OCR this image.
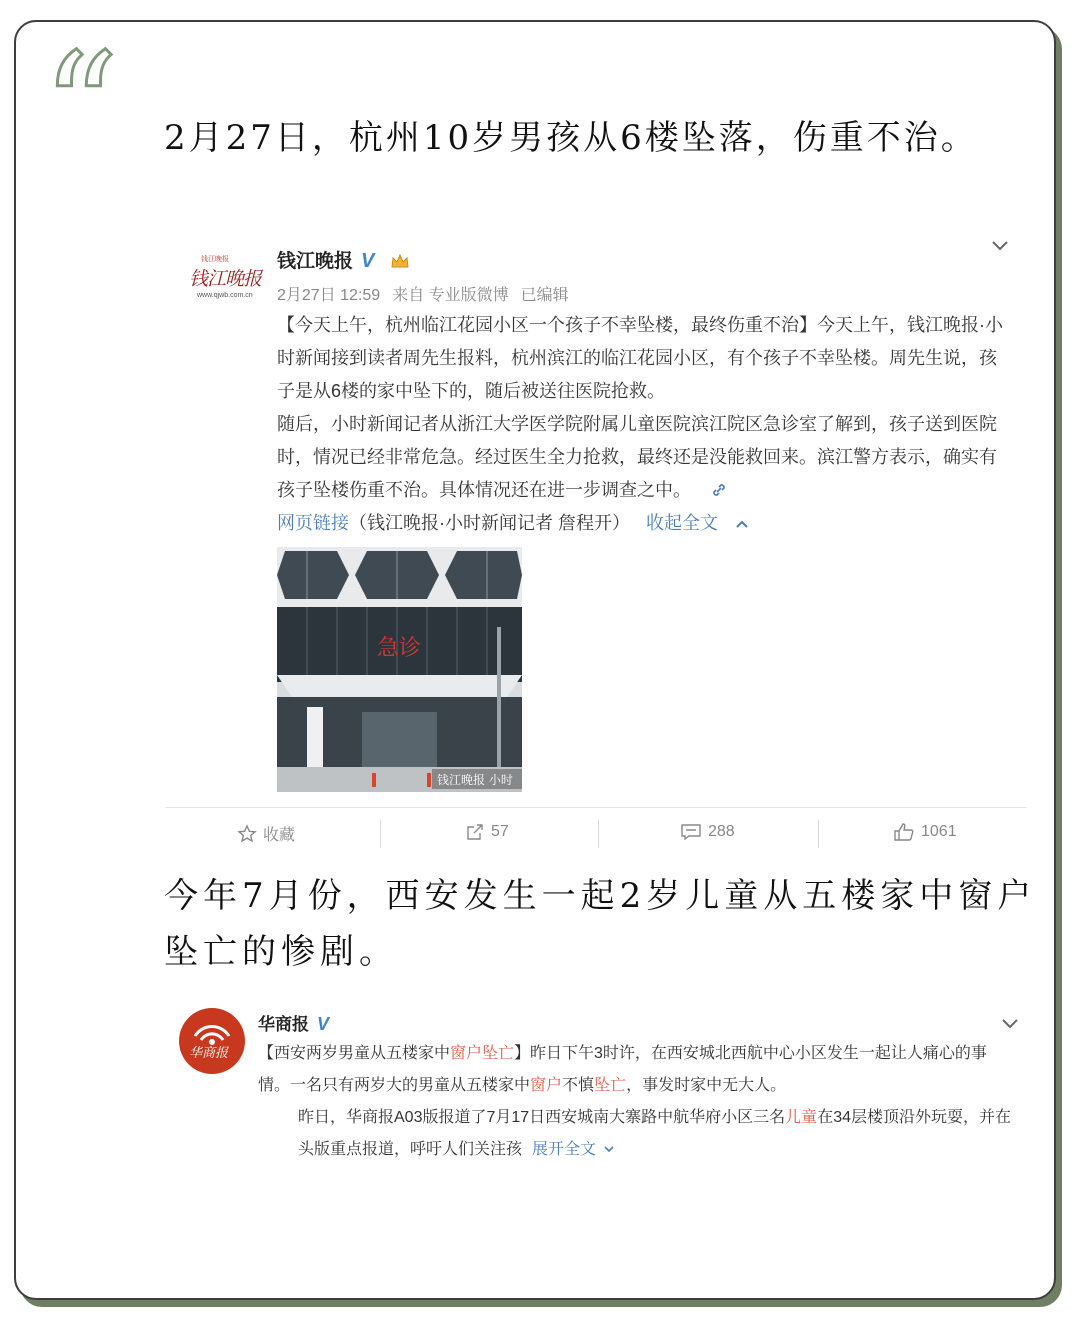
“ 2月27日，杭州10岁男孩从6楼坠落，伤重不治。
钱江晚报
钱江晚报
www.qjwb.com.cn
钱江晚报 V
2月27日 12:59 来自 专业版微博 已编辑

【今天上午，杭州临江花园小区一个孩子不幸坠楼，最终伤重不治】今天上午，钱江晚报·小时新闻接到读者周先生报料，杭州滨江的临江花园小区，有个孩子不幸坠楼。周先生说，孩子是从6楼的家中坠下的，随后被送往医院抢救。

随后，小时新闻记者从浙江大学医学院附属儿童医院滨江院区急诊室了解到，孩子送到医院时，情况已经非常危急。经过医生全力抢救，最终还是没能救回来。滨江警方表示，确实有孩子坠楼伤重不治。具体情况还在进一步调查之中。

网页链接（钱江晚报·小时新闻记者 詹程开） 收起全文

急诊
钱江晚报 小时
收藏	57	288	1061
今年7月份，西安发生一起2岁儿童从五楼家中窗户坠亡的惨剧。
华商报
华商报 V

【西安两岁男童从五楼家中窗户坠亡】昨日下午3时许，在西安城北西航中心小区发生一起让人痛心的事情。一名只有两岁大的男童从五楼家中窗户不慎坠亡，事发时家中无大人。

昨日，华商报A03版报道了7月17日西安城南大寨路中航华府小区三名儿童在34层楼顶沿外玩耍，并在头版重点报道，呼吁人们关注孩 展开全文
